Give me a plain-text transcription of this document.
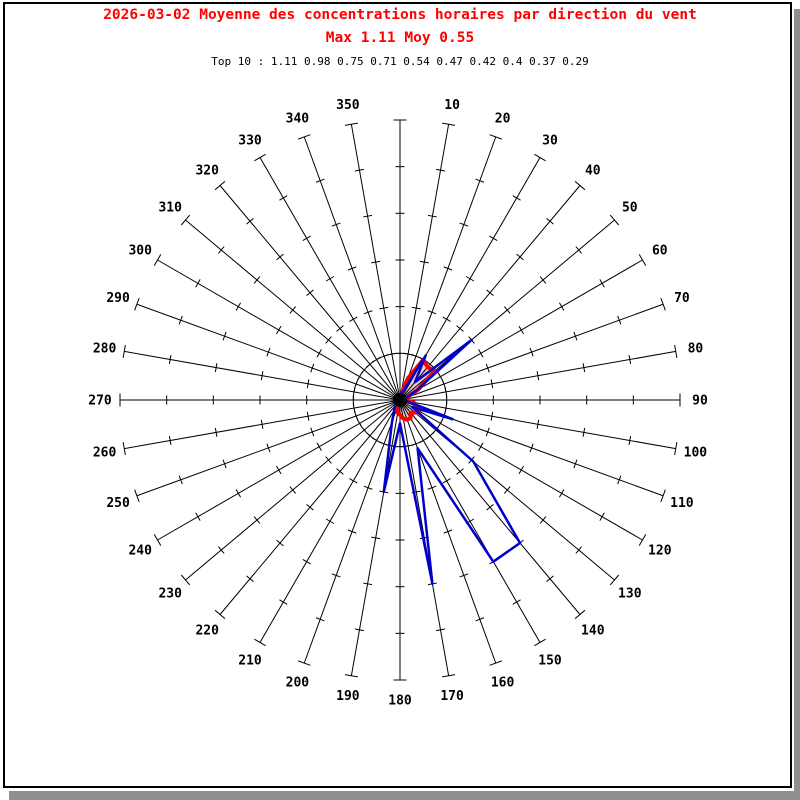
2026-03-02 Moyenne des concentrations horaires par direction du vent
Max 1.11 Moy 0.55
Top 10 : 1.11 0.98 0.75 0.71 0.54 0.47 0.42 0.4 0.37 0.29
10
20
30
40
50
60
70
80
90
100
110
120
130
140
150
160
170
180
190
200
210
220
230
240
250
260
270
280
290
300
310
320
330
340
350
